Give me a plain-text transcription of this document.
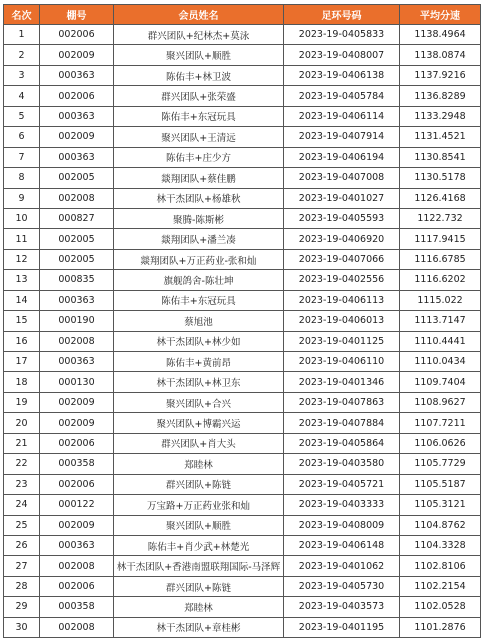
名次	棚号	会员姓名	足环号码	平均分速
1	002006	群兴团队+纪林杰+莫泳	2023-19-0405833	1138.4964
2	002009	聚兴团队+顺胜	2023-19-0408007	1138.0874
3	000363	陈佑丰+林卫波	2023-19-0406138	1137.9216
4	002006	群兴团队+张荣盛	2023-19-0405784	1136.8289
5	000363	陈佑丰+东冠玩具	2023-19-0406114	1133.2948
6	002009	聚兴团队+王清远	2023-19-0407914	1131.4521
7	000363	陈佑丰+庄少方	2023-19-0406194	1130.8541
8	002005	燚翔团队+蔡佳鹏	2023-19-0407008	1130.5178
9	002008	林干杰团队+杨雄秋	2023-19-0401027	1126.4168
10	000827	聚腾-陈斯彬	2023-19-0405593	1122.732
11	002005	燚翔团队+潘兰凑	2023-19-0406920	1117.9415
12	002005	燚翔团队+万正药业-张和灿	2023-19-0407066	1116.6785
13	000835	旗舰鸽舍-陈壮坤	2023-19-0402556	1116.6202
14	000363	陈佑丰+东冠玩具	2023-19-0406113	1115.022
15	000190	蔡旭池	2023-19-0406013	1113.7147
16	002008	林干杰团队+林少如	2023-19-0401125	1110.4441
17	000363	陈佑丰+黄前昂	2023-19-0406110	1110.0434
18	000130	林干杰团队+林卫东	2023-19-0401346	1109.7404
19	002009	聚兴团队+合兴	2023-19-0407863	1108.9627
20	002009	聚兴团队+博霸兴运	2023-19-0407884	1107.7211
21	002006	群兴团队+肖大头	2023-19-0405864	1106.0626
22	000358	郑睦林	2023-19-0403580	1105.7729
23	002006	群兴团队+陈链	2023-19-0405721	1105.5187
24	000122	万宝路+万正药业张和灿	2023-19-0403333	1105.3121
25	002009	聚兴团队+顺胜	2023-19-0408009	1104.8762
26	000363	陈佑丰+肖少武+林楚光	2023-19-0406148	1104.3328
27	002008	林干杰团队+香港南盟联翔国际-马泽辉	2023-19-0401062	1102.8106
28	002006	群兴团队+陈链	2023-19-0405730	1102.2154
29	000358	郑睦林	2023-19-0403573	1102.0528
30	002008	林干杰团队+章桂彬	2023-19-0401195	1101.2876
